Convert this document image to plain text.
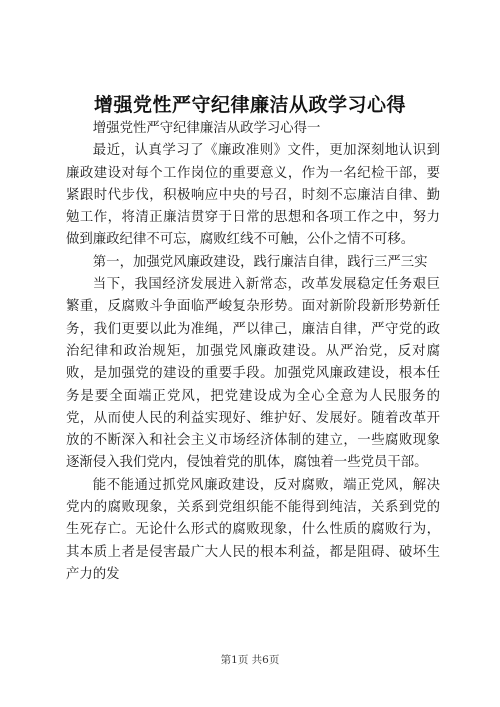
增强党性严守纪律廉洁从政学习心得

增强党性严守纪律廉洁从政学习心得一

最近，认真学习了《廉政准则》文件，更加深刻地认识到廉政建设对每个工作岗位的重要意义，作为一名纪检干部，要紧跟时代步伐，积极响应中央的号召，时刻不忘廉洁自律、勤勉工作，将清正廉洁贯穿于日常的思想和各项工作之中，努力做到廉政纪律不可忘，腐败红线不可触，公仆之情不可移。

第一，加强党风廉政建设，践行廉洁自律，践行三严三实

当下，我国经济发展进入新常态，改革发展稳定任务艰巨繁重，反腐败斗争面临严峻复杂形势。面对新阶段新形势新任务，我们更要以此为准绳，严以律己，廉洁自律，严守党的政治纪律和政治规矩，加强党风廉政建设。从严治党，反对腐败，是加强党的建设的重要手段。加强党风廉政建设，根本任务是要全面端正党风，把党建设成为全心全意为人民服务的党，从而使人民的利益实现好、维护好、发展好。随着改革开放的不断深入和社会主义市场经济体制的建立，一些腐败现象逐渐侵入我们党内，侵蚀着党的肌体，腐蚀着一些党员干部。

能不能通过抓党风廉政建设，反对腐败，端正党风，解决党内的腐败现象，关系到党组织能不能得到纯洁，关系到党的生死存亡。无论什么形式的腐败现象，什么性质的腐败行为，其本质上者是侵害最广大人民的根本利益，都是阻碍、破坏生产力的发

第1页 共6页
